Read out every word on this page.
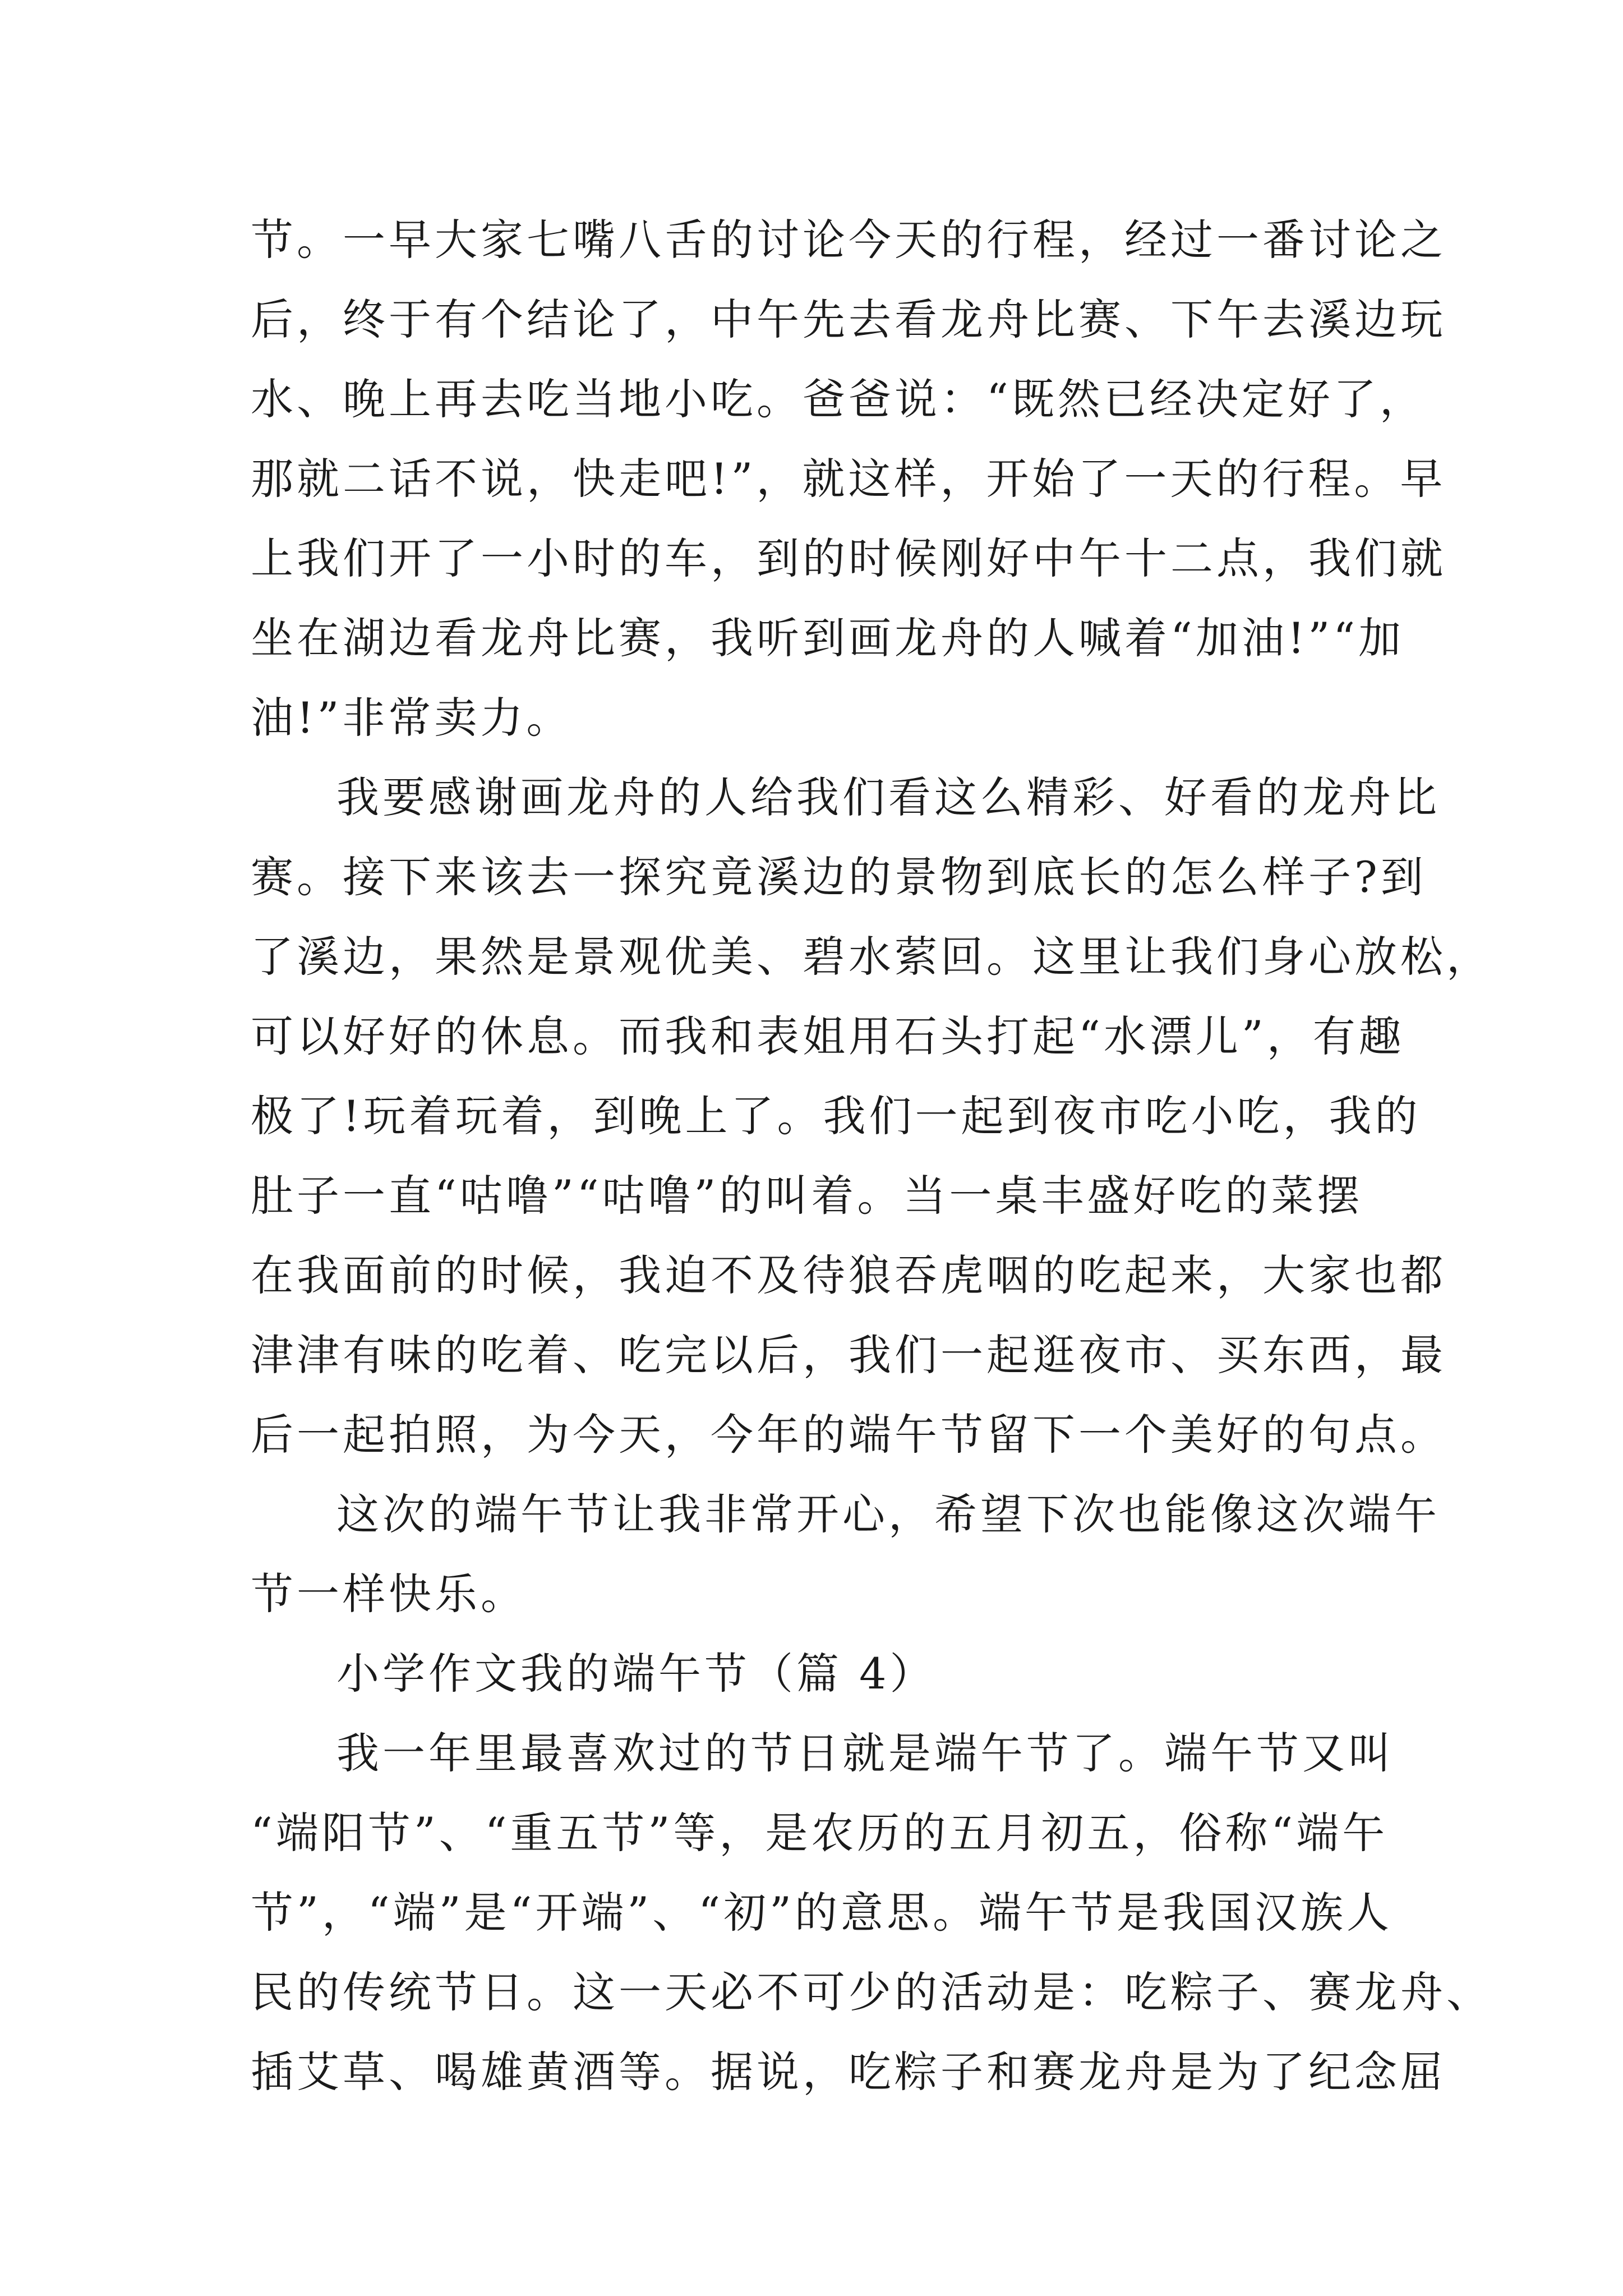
节。一早大家七嘴八舌的讨论今天的行程，经过一番讨论之
后，终于有个结论了，中午先去看龙舟比赛、下午去溪边玩
水、晚上再去吃当地小吃。爸爸说：“既然已经决定好了，
那就二话不说，快走吧!”，就这样，开始了一天的行程。早
上我们开了一小时的车，到的时候刚好中午十二点，我们就
坐在湖边看龙舟比赛，我听到画龙舟的人喊着“加油!”“加
油!”非常卖力。
我要感谢画龙舟的人给我们看这么精彩、好看的龙舟比
赛。接下来该去一探究竟溪边的景物到底长的怎么样子?到
了溪边，果然是景观优美、碧水萦回。这里让我们身心放松，
可以好好的休息。而我和表姐用石头打起“水漂儿”，有趣
极了!玩着玩着，到晚上了。我们一起到夜市吃小吃，我的
肚子一直“咕噜”“咕噜”的叫着。当一桌丰盛好吃的菜摆
在我面前的时候，我迫不及待狼吞虎咽的吃起来，大家也都
津津有味的吃着、吃完以后，我们一起逛夜市、买东西，最
后一起拍照，为今天，今年的端午节留下一个美好的句点。
这次的端午节让我非常开心，希望下次也能像这次端午
节一样快乐。
小学作文我的端午节（篇 4）
我一年里最喜欢过的节日就是端午节了。端午节又叫
“端阳节”、“重五节”等，是农历的五月初五，俗称“端午
节”，“端”是“开端”、“初”的意思。端午节是我国汉族人
民的传统节日。这一天必不可少的活动是：吃粽子、赛龙舟、
插艾草、喝雄黄酒等。据说，吃粽子和赛龙舟是为了纪念屈
